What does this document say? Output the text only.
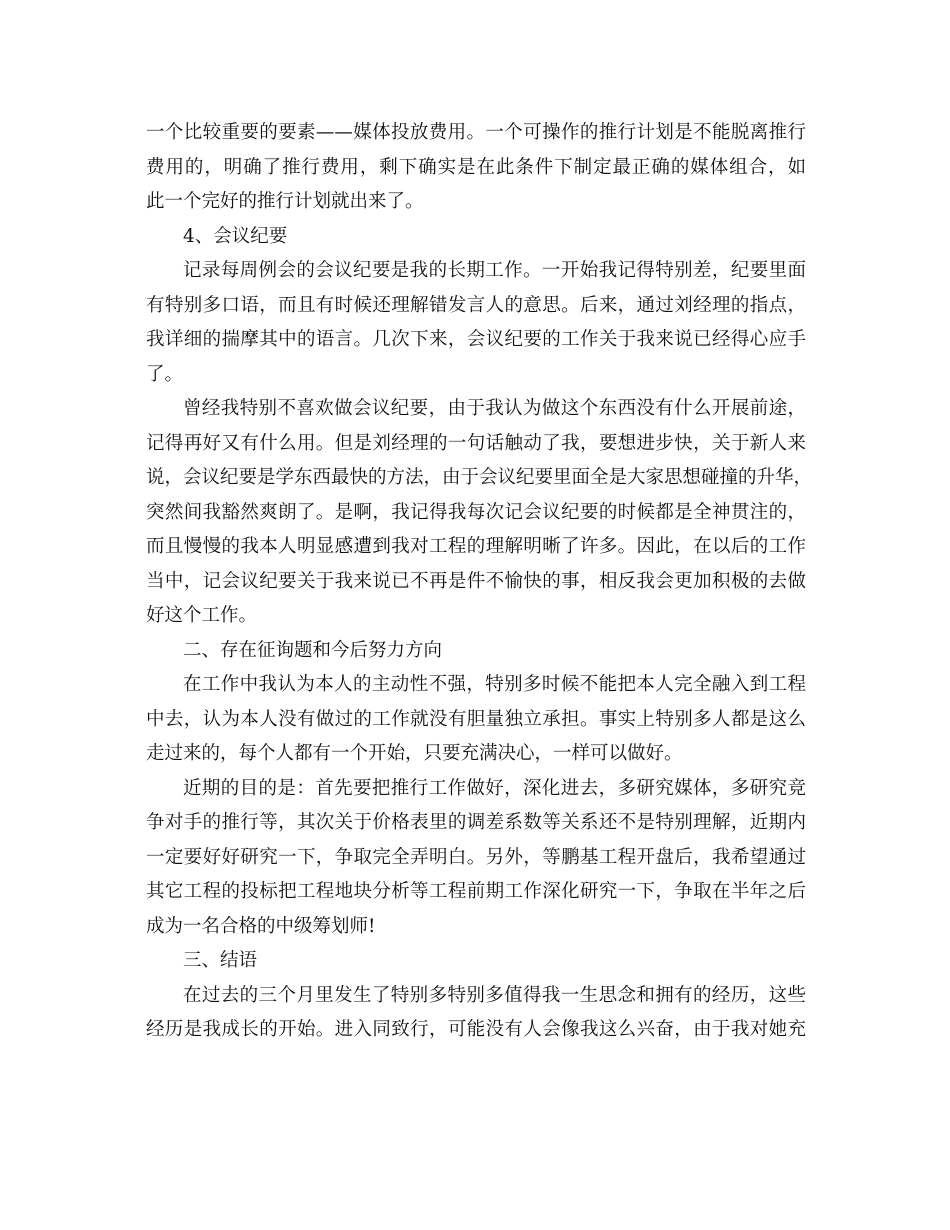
一个比较重要的要素——媒体投放费用。一个可操作的推行计划是不能脱离推行
费用的，明确了推行费用，剩下确实是在此条件下制定最正确的媒体组合，如
此一个完好的推行计划就出来了。
4、会议纪要
记录每周例会的会议纪要是我的长期工作。一开始我记得特别差，纪要里面
有特别多口语，而且有时候还理解错发言人的意思。后来，通过刘经理的指点，
我详细的揣摩其中的语言。几次下来，会议纪要的工作关于我来说已经得心应手
了。
曾经我特别不喜欢做会议纪要，由于我认为做这个东西没有什么开展前途，
记得再好又有什么用。但是刘经理的一句话触动了我，要想进步快，关于新人来
说，会议纪要是学东西最快的方法，由于会议纪要里面全是大家思想碰撞的升华，
突然间我豁然爽朗了。是啊，我记得我每次记会议纪要的时候都是全神贯注的，
而且慢慢的我本人明显感遭到我对工程的理解明晰了许多。因此，在以后的工作
当中，记会议纪要关于我来说已不再是件不愉快的事，相反我会更加积极的去做
好这个工作。
二、存在征询题和今后努力方向
在工作中我认为本人的主动性不强，特别多时候不能把本人完全融入到工程
中去，认为本人没有做过的工作就没有胆量独立承担。事实上特别多人都是这么
走过来的，每个人都有一个开始，只要充满决心，一样可以做好。
近期的目的是：首先要把推行工作做好，深化进去，多研究媒体，多研究竞
争对手的推行等，其次关于价格表里的调差系数等关系还不是特别理解，近期内
一定要好好研究一下，争取完全弄明白。另外，等鹏基工程开盘后，我希望通过
其它工程的投标把工程地块分析等工程前期工作深化研究一下，争取在半年之后
成为一名合格的中级筹划师!
三、结语
在过去的三个月里发生了特别多特别多值得我一生思念和拥有的经历，这些
经历是我成长的开始。进入同致行，可能没有人会像我这么兴奋，由于我对她充
